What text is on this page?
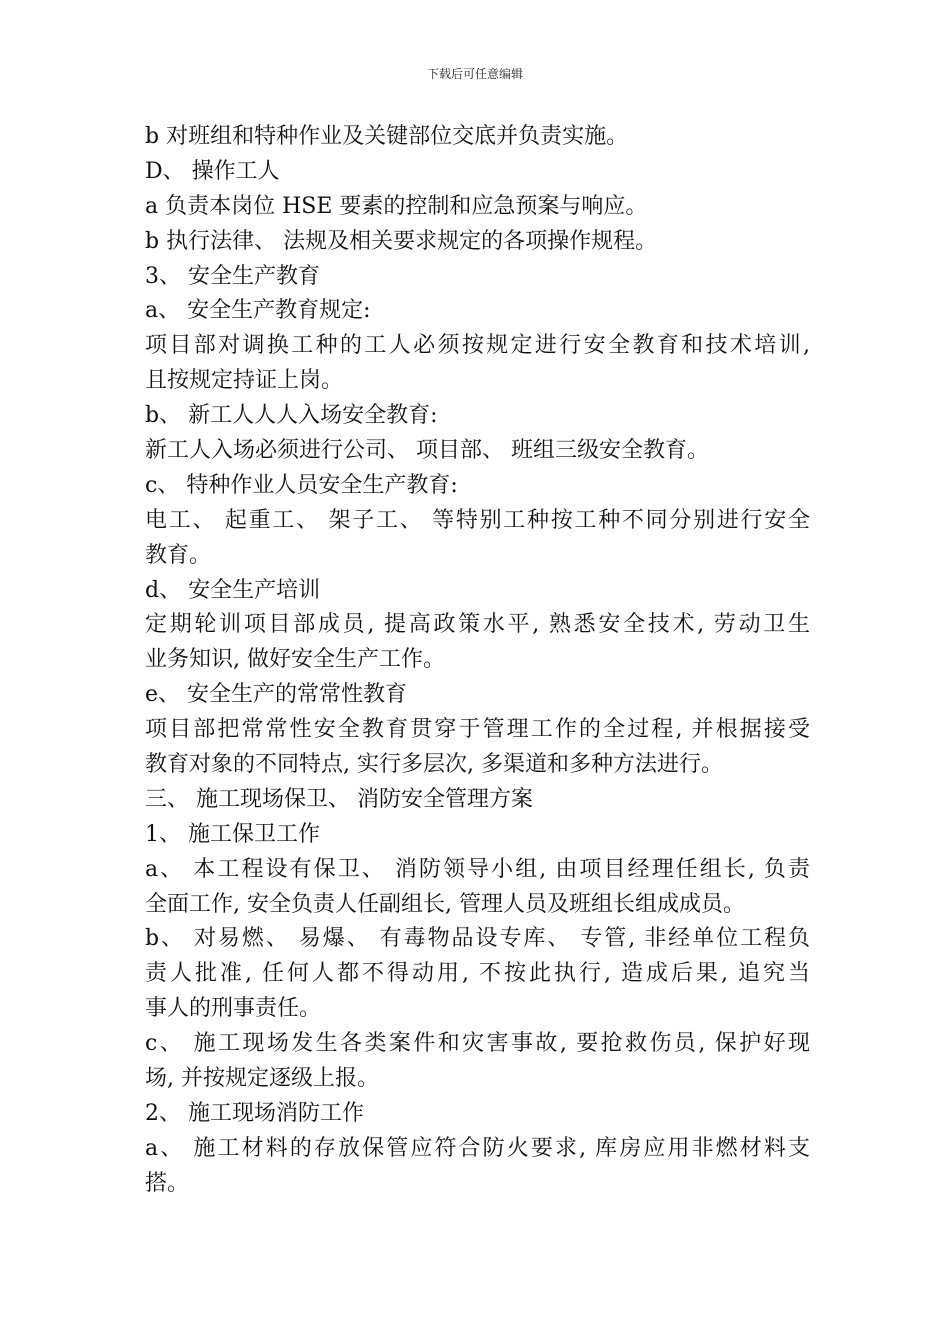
下载后可任意编辑
b 对班组和特种作业及关键部位交底并负责实施。
D、 操作工人
a 负责本岗位 HSE 要素的控制和应急预案与响应。
b 执行法律、 法规及相关要求规定的各项操作规程。
3、 安全生产教育
a、 安全生产教育规定:
项目部对调换工种的工人必须按规定进行安全教育和技术培训,
且按规定持证上岗。
b、 新工人人人入场安全教育:
新工人入场必须进行公司、 项目部、 班组三级安全教育。
c、 特种作业人员安全生产教育:
电工、 起重工、 架子工、 等特别工种按工种不同分别进行安全
教育。
d、 安全生产培训
定期轮训项目部成员, 提高政策水平, 熟悉安全技术, 劳动卫生
业务知识, 做好安全生产工作。
e、 安全生产的常常性教育
项目部把常常性安全教育贯穿于管理工作的全过程, 并根据接受
教育对象的不同特点, 实行多层次, 多渠道和多种方法进行。
三、 施工现场保卫、 消防安全管理方案
1、 施工保卫工作
a、 本工程设有保卫、 消防领导小组, 由项目经理任组长, 负责
全面工作, 安全负责人任副组长, 管理人员及班组长组成成员。
b、 对易燃、 易爆、 有毒物品设专库、 专管, 非经单位工程负
责人批准, 任何人都不得动用, 不按此执行, 造成后果, 追究当
事人的刑事责任。
c、 施工现场发生各类案件和灾害事故, 要抢救伤员, 保护好现
场, 并按规定逐级上报。
2、 施工现场消防工作
a、 施工材料的存放保管应符合防火要求, 库房应用非燃材料支
搭。
